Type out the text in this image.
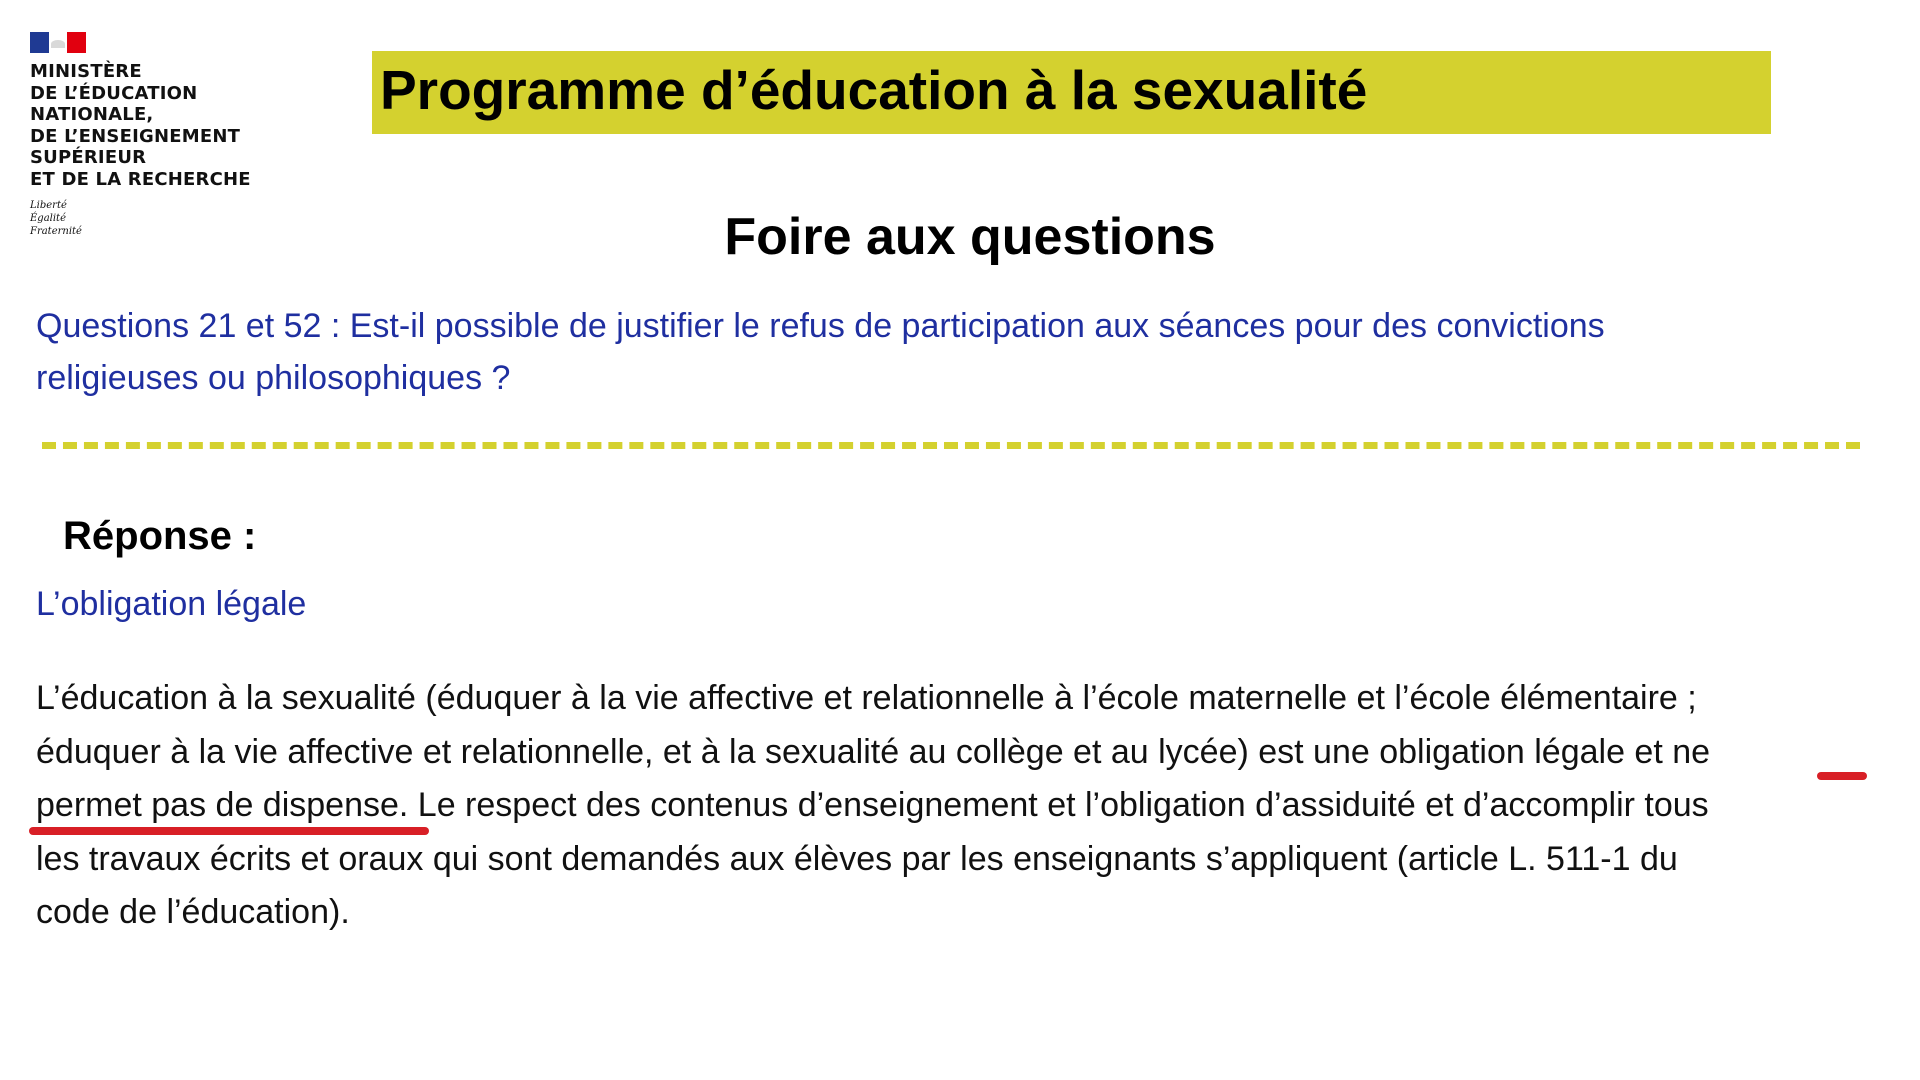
MINISTÈRE
DE L’ÉDUCATION
NATIONALE,
DE L’ENSEIGNEMENT
SUPÉRIEUR
ET DE LA RECHERCHE
Liberté
Égalité
Fraternité
Programme d’éducation à la sexualité
Foire aux questions
Questions 21 et 52 : Est-il possible de justifier le refus de participation aux séances pour des convictions
religieuses ou philosophiques ?
Réponse :
L’obligation légale
L’éducation à la sexualité (éduquer à la vie affective et relationnelle à l’école maternelle et l’école élémentaire ;
éduquer à la vie affective et relationnelle, et à la sexualité au collège et au lycée) est une obligation légale et ne
permet pas de dispense. Le respect des contenus d’enseignement et l’obligation d’assiduité et d’accomplir tous
les travaux écrits et oraux qui sont demandés aux élèves par les enseignants s’appliquent (article L. 511-1 du
code de l’éducation).
